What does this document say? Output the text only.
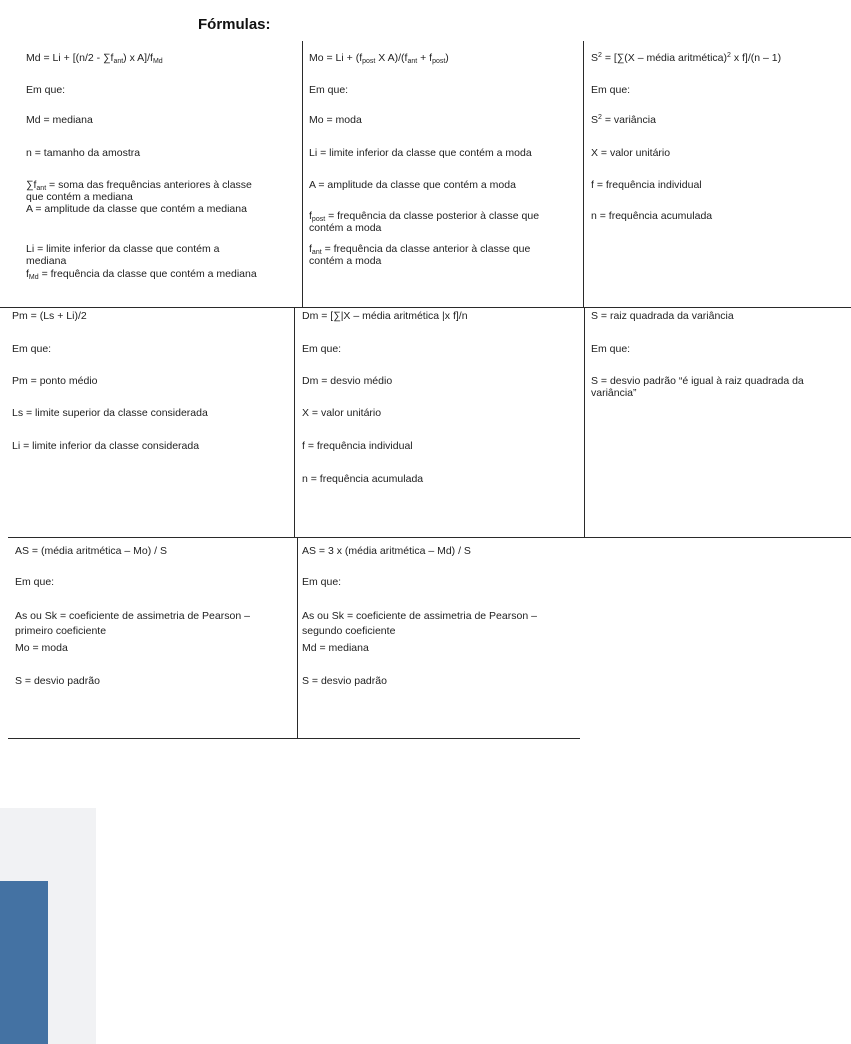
Fórmulas:

$Md = Li + [(n/2 - \sum f_{ant})$ x $A]/f_{Md}$

Em que:

Md = mediana

n = tamanho da amostra

$\sum f_{ant}$ = soma das frequências anteriores à classe

que contém a mediana

A = amplitude da classe que contém a mediana

Li = limite inferior da classe que contém a

mediana

$f_{Md}$ = frequência da classe que contém a mediana

$Mo = Li + (f_{post}$ X $A)/(f_{ant} + f_{post})$

Em que:

Mo = moda

Li = limite inferior da classe que contém a moda

A = amplitude da classe que contém a moda

$f_{post}$ = frequência da classe posterior à classe que

contém a moda

$f_{ant}$ = frequência da classe anterior à classe que

contém a moda

$S^2 = [\sum(X$ – média aritmética)$^2$ x f]/(n – 1)

Em que:

$S^2$ = variância

X = valor unitário

f = frequência individual

n = frequência acumulada

Pm = (Ls + Li)/2

Em que:

Pm = ponto médio

Ls = limite superior da classe considerada

Li = limite inferior da classe considerada

Dm = [∑|X – média aritmética |x f]/n

Em que:

Dm = desvio médio

X = valor unitário

f = frequência individual

n = frequência acumulada

S = raiz quadrada da variância

Em que:

S = desvio padrão “é igual à raiz quadrada da

variância”

AS = (média aritmética – Mo) / S

Em que:

As ou Sk = coeficiente de assimetria de Pearson –

primeiro coeficiente

Mo = moda

S = desvio padrão

AS = 3 x (média aritmética – Md) / S

Em que:

As ou Sk = coeficiente de assimetria de Pearson –

segundo coeficiente

Md = mediana

S = desvio padrão
